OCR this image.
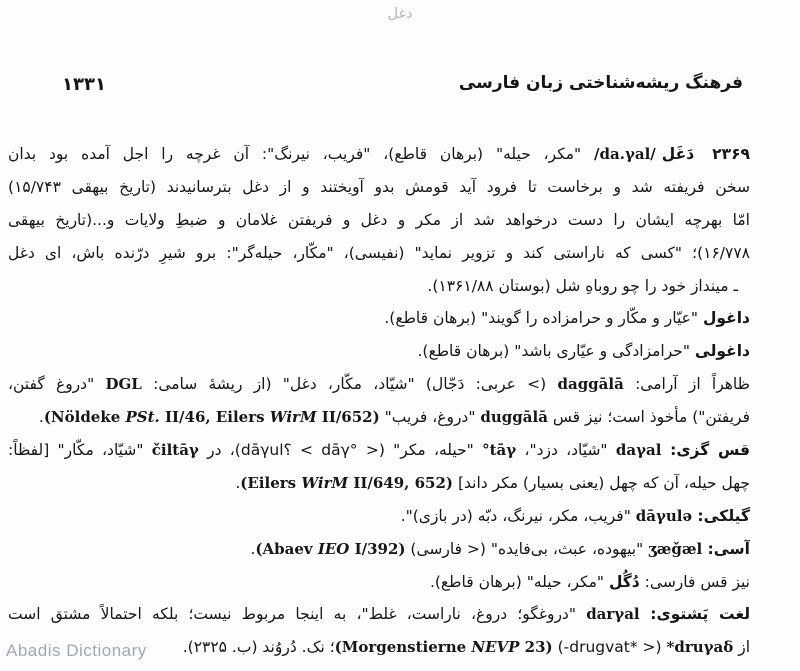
دغل
فرهنگ ریشه‌شناختی زبان فارسی
۱۳۳۱
۲۳۶۹دَغَل/da.γal/ "مکر، حیله" (برهان قاطع)، "فریب، نیرنگ": آن غرچه را اجل آمده بود بدان
سخن فریفته شد و برخاست تا فرود آید قومش بدو آویختند و از دغل بترسانیدند (تاریخ بیهقی ۱۵/۷۴۳)
امّا بهرچه ایشان را دست درخواهد شد از مکر و دغل و فریفتن غلامان و ضبطِ ولایات و...(تاریخ بیهقی
۱۶/۷۷۸)؛ "کسی که ناراستی کند و تزویر نماید" (نفیسی)، "مکّار، حیله‌گر": برو شیرِ درّنده باش، ای دغل
ـ مینداز خود را چو روباهِ شل (بوستان ۱۳۶۱/۸۸).
داغول "عیّار و مکّار و حرامزاده را گویند" (برهان قاطع).
داغولی "حرامزادگی و عیّاری باشد" (برهان قاطع).
ظاهراً از آرامی: daggālā (> عربی: دَجّال) "شیّاد، مکّار، دغل" (از ریشهٔ سامی: DGL "دروغ گفتن،
فریفتن") مأخوذ است؛ نیز قس duggālā "دروغ، فریب" (Nöldeke PSt. II/46, Eilers WirM II/652).
قس گزی: daγal "شیّاد، دزد"، °tāγ "حیله، مکر" (< °dāγ > ؟dāγul)، در čiltāγ "شیّاد، مکّار" [لفظاً:
چهل حیله، آن که چهل (یعنی بسیار) مکر داند] (Eilers WirM II/649, 652).
گیلکی: dāγulə "فریب، مکر، نیرنگ، دبّه (در بازی)".
آسی: ʒæǧæl "بیهوده، عبث، بی‌فایده" (< فارسی) (Abaev IEO I/392).
نیز قس فارسی: دُگُل "مکر، حیله" (برهان قاطع).
لغت پَشتوی: darγal "دروغگو؛ دروغ، ناراست، غلط"، به اینجا مربوط نیست؛ بلکه احتمالاً مشتق است
از *druγaδ (< *drugvat-) (Morgenstierne NEVP 23)؛ نک. دُروُند (ب. ۲۳۲۵).
Abadis Dictionary
